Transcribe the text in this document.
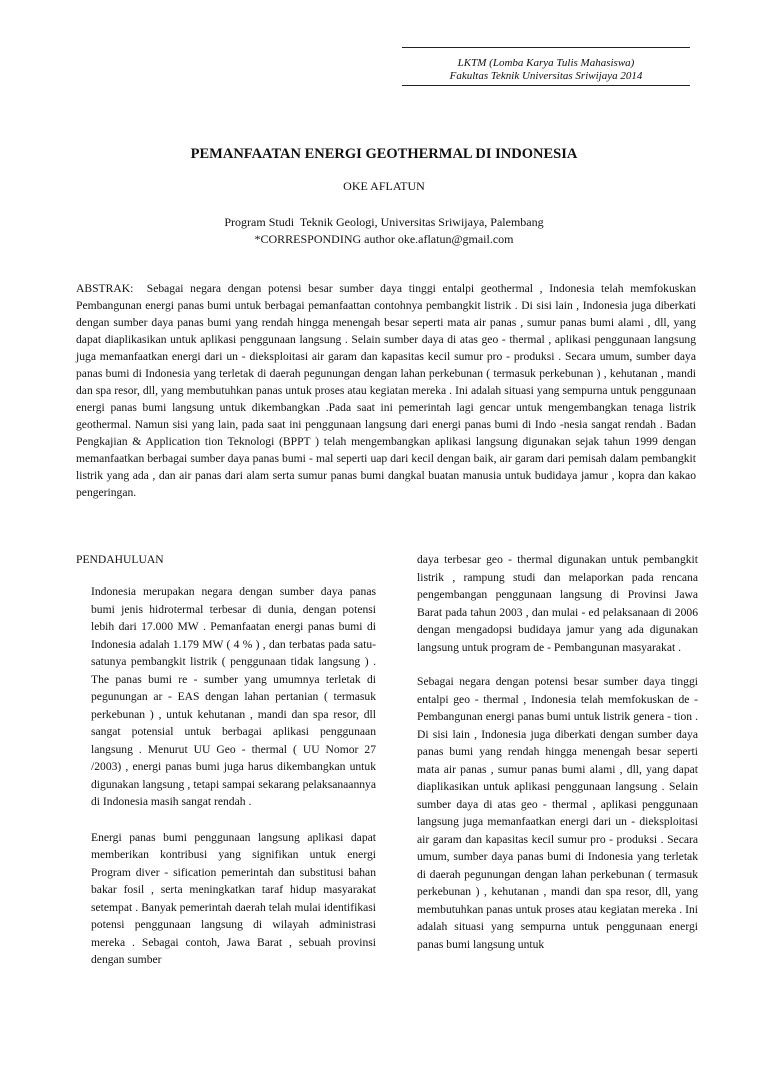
LKTM (Lomba Karya Tulis Mahasiswa)
Fakultas Teknik Universitas Sriwijaya 2014
PEMANFAATAN ENERGI GEOTHERMAL DI INDONESIA
OKE AFLATUN
Program Studi  Teknik Geologi, Universitas Sriwijaya, Palembang
*CORRESPONDING author oke.aflatun@gmail.com

ABSTRAK:  Sebagai negara dengan potensi besar sumber daya tinggi entalpi geothermal , Indonesia telah memfokuskan Pembangunan energi panas bumi untuk berbagai pemanfaattan contohnya pembangkit listrik . Di sisi lain , Indonesia juga diberkati dengan sumber daya panas bumi yang rendah hingga menengah besar seperti mata air panas , sumur panas bumi alami , dll, yang dapat diaplikasikan untuk aplikasi penggunaan langsung . Selain sumber daya di atas geo - thermal , aplikasi penggunaan langsung juga memanfaatkan energi dari un - dieksploitasi air garam dan kapasitas kecil sumur pro - produksi . Secara umum, sumber daya panas bumi di Indonesia yang terletak di daerah pegunungan dengan lahan perkebunan ( termasuk perkebunan ) , kehutanan , mandi dan spa resor, dll, yang membutuhkan panas untuk proses atau kegiatan mereka . Ini adalah situasi yang sempurna untuk penggunaan energi panas bumi langsung untuk dikembangkan .Pada saat ini pemerintah lagi gencar untuk mengembangkan tenaga listrik geothermal. Namun sisi yang lain, pada saat ini penggunaan langsung dari energi panas bumi di Indo -nesia sangat rendah . Badan Pengkajian & Application tion Teknologi (BPPT ) telah mengembangkan aplikasi langsung digunakan sejak tahun 1999 dengan memanfaatkan berbagai sumber daya panas bumi - mal seperti uap dari kecil dengan baik, air garam dari pemisah dalam pembangkit listrik yang ada , dan air panas dari alam serta sumur panas bumi dangkal buatan manusia untuk budidaya jamur , kopra dan kakao pengeringan.

PENDAHULUAN

Indonesia merupakan negara dengan sumber daya panas bumi jenis hidrotermal terbesar di dunia, dengan potensi lebih dari 17.000 MW . Pemanfaatan energi panas bumi di Indonesia adalah 1.179 MW ( 4 % ) , dan terbatas pada satu-satunya pembangkit listrik ( penggunaan tidak langsung ) . The panas bumi re - sumber yang umumnya terletak di pegunungan ar - EAS dengan lahan pertanian ( termasuk perkebunan ) , untuk kehutanan , mandi dan spa resor, dll sangat potensial untuk berbagai aplikasi penggunaan langsung . Menurut UU Geo - thermal ( UU Nomor 27 /2003) , energi panas bumi juga harus dikembangkan untuk digunakan langsung , tetapi sampai sekarang pelaksanaannya di Indonesia masih sangat rendah .

Energi panas bumi penggunaan langsung aplikasi dapat memberikan kontribusi yang signifikan untuk energi Program diver - sification pemerintah dan substitusi bahan bakar fosil , serta meningkatkan taraf hidup masyarakat setempat . Banyak pemerintah daerah telah mulai identifikasi potensi penggunaan langsung di wilayah administrasi mereka . Sebagai contoh, Jawa Barat , sebuah provinsi dengan sumber

daya terbesar geo - thermal digunakan untuk pembangkit listrik , rampung studi dan melaporkan pada rencana pengembangan penggunaan langsung di Provinsi Jawa Barat pada tahun 2003 , dan mulai - ed pelaksanaan di 2006 dengan mengadopsi budidaya jamur yang ada digunakan langsung untuk program de - Pembangunan masyarakat .

Sebagai negara dengan potensi besar sumber daya tinggi entalpi geo - thermal , Indonesia telah memfokuskan de - Pembangunan energi panas bumi untuk listrik genera - tion . Di sisi lain , Indonesia juga diberkati dengan sumber daya panas bumi yang rendah hingga menengah besar seperti mata air panas , sumur panas bumi alami , dll, yang dapat diaplikasikan untuk aplikasi penggunaan langsung . Selain sumber daya di atas geo - thermal , aplikasi penggunaan langsung juga memanfaatkan energi dari un - dieksploitasi air garam dan kapasitas kecil sumur pro - produksi . Secara umum, sumber daya panas bumi di Indonesia yang terletak di daerah pegunungan dengan lahan perkebunan ( termasuk perkebunan ) , kehutanan , mandi dan spa resor, dll, yang membutuhkan panas untuk proses atau kegiatan mereka . Ini adalah situasi yang sempurna untuk penggunaan energi panas bumi langsung untuk
